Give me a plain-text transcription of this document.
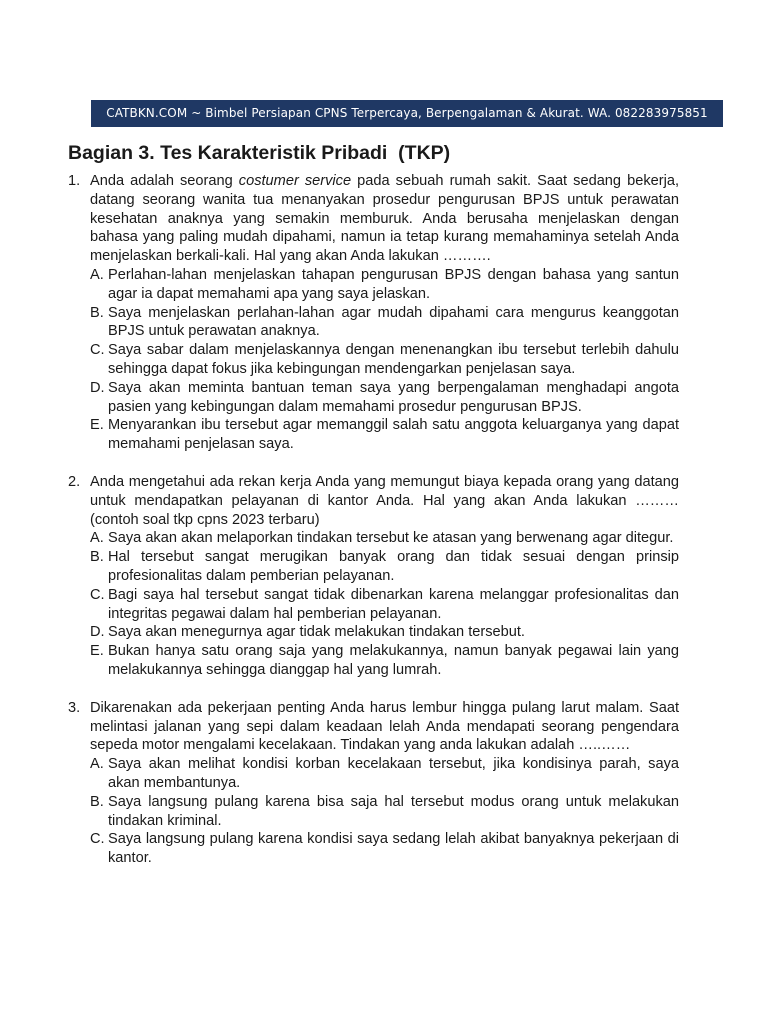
CATBKN.COM ~ Bimbel Persiapan CPNS Terpercaya, Berpengalaman & Akurat. WA. 082283975851
Bagian 3. Tes Karakteristik Pribadi  (TKP)
1. Anda adalah seorang costumer service pada sebuah rumah sakit. Saat sedang bekerja, datang seorang wanita tua menanyakan prosedur pengurusan BPJS untuk perawatan kesehatan anaknya yang semakin memburuk. Anda berusaha menjelaskan dengan bahasa yang paling mudah dipahami, namun ia tetap kurang memahaminya setelah Anda menjelaskan berkali-kali. Hal yang akan Anda lakukan ……….
A. Perlahan-lahan menjelaskan tahapan pengurusan BPJS dengan bahasa yang santun agar ia dapat memahami apa yang saya jelaskan.
B. Saya menjelaskan perlahan-lahan agar mudah dipahami cara mengurus keanggotan BPJS untuk perawatan anaknya.
C. Saya sabar dalam menjelaskannya dengan menenangkan ibu tersebut terlebih dahulu sehingga dapat fokus jika kebingungan mendengarkan penjelasan saya.
D. Saya akan meminta bantuan teman saya yang berpengalaman menghadapi angota pasien yang kebingungan dalam memahami prosedur pengurusan BPJS.
E. Menyarankan ibu tersebut agar memanggil salah satu anggota keluarganya yang dapat memahami penjelasan saya.
2. Anda mengetahui ada rekan kerja Anda yang memungut biaya kepada orang yang datang untuk mendapatkan pelayanan di kantor Anda. Hal yang akan Anda lakukan ……… (contoh soal tkp cpns 2023 terbaru)
A. Saya akan akan melaporkan tindakan tersebut ke atasan yang berwenang agar ditegur.
B. Hal tersebut sangat merugikan banyak orang dan tidak sesuai dengan prinsip profesionalitas dalam pemberian pelayanan.
C. Bagi saya hal tersebut sangat tidak dibenarkan karena melanggar profesionalitas dan integritas pegawai dalam hal pemberian pelayanan.
D. Saya akan menegurnya agar tidak melakukan tindakan tersebut.
E. Bukan hanya satu orang saja yang melakukannya, namun banyak pegawai lain yang melakukannya sehingga dianggap hal yang lumrah.
3. Dikarenakan ada pekerjaan penting Anda harus lembur hingga pulang larut malam. Saat melintasi jalanan yang sepi dalam keadaan lelah Anda mendapati seorang pengendara sepeda motor mengalami kecelakaan. Tindakan yang anda lakukan adalah …..……
A. Saya akan melihat kondisi korban kecelakaan tersebut, jika kondisinya parah, saya akan membantunya.
B. Saya langsung pulang karena bisa saja hal tersebut modus orang untuk melakukan tindakan kriminal.
C. Saya langsung pulang karena kondisi saya sedang lelah akibat banyaknya pekerjaan di kantor.
